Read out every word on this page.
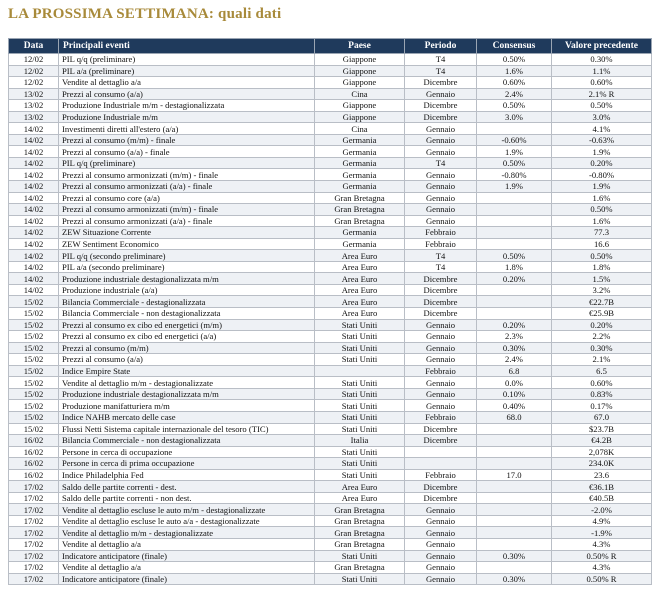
LA PROSSIMA SETTIMANA: quali dati
Data	Principali eventi	Paese	Periodo	Consensus	Valore precedente
12/02	PIL q/q (preliminare)	Giappone	T4	0.50%	0.30%
12/02	PIL a/a (preliminare)	Giappone	T4	1.6%	1.1%
12/02	Vendite al dettaglio a/a	Giappone	Dicembre	0.60%	0.60%
13/02	Prezzi al consumo (a/a)	Cina	Gennaio	2.4%	2.1% R
13/02	Produzione Industriale m/m - destagionalizzata	Giappone	Dicembre	0.50%	0.50%
13/02	Produzione Industriale m/m	Giappone	Dicembre	3.0%	3.0%
14/02	Investimenti diretti all'estero (a/a)	Cina	Gennaio		4.1%
14/02	Prezzi al consumo (m/m) - finale	Germania	Gennaio	-0.60%	-0.63%
14/02	Prezzi al consumo (a/a) - finale	Germania	Gennaio	1.9%	1.9%
14/02	PIL q/q (preliminare)	Germania	T4	0.50%	0.20%
14/02	Prezzi al consumo armonizzati (m/m) - finale	Germania	Gennaio	-0.80%	-0.80%
14/02	Prezzi al consumo armonizzati (a/a) - finale	Germania	Gennaio	1.9%	1.9%
14/02	Prezzi al consumo core (a/a)	Gran Bretagna	Gennaio		1.6%
14/02	Prezzi al consumo armonizzati (m/m) - finale	Gran Bretagna	Gennaio		0.50%
14/02	Prezzi al consumo armonizzati (a/a) - finale	Gran Bretagna	Gennaio		1.6%
14/02	ZEW Situazione Corrente	Germania	Febbraio		77.3
14/02	ZEW Sentiment Economico	Germania	Febbraio		16.6
14/02	PIL q/q (secondo preliminare)	Area Euro	T4	0.50%	0.50%
14/02	PIL a/a (secondo preliminare)	Area Euro	T4	1.8%	1.8%
14/02	Produzione industriale destagionalizzata m/m	Area Euro	Dicembre	0.20%	1.5%
14/02	Produzione industriale (a/a)	Area Euro	Dicembre		3.2%
15/02	Bilancia Commerciale - destagionalizzata	Area Euro	Dicembre		€22.7B
15/02	Bilancia Commerciale - non destagionalizzata	Area Euro	Dicembre		€25.9B
15/02	Prezzi al consumo ex cibo ed energetici (m/m)	Stati Uniti	Gennaio	0.20%	0.20%
15/02	Prezzi al consumo ex cibo ed energetici (a/a)	Stati Uniti	Gennaio	2.3%	2.2%
15/02	Prezzi al consumo (m/m)	Stati Uniti	Gennaio	0.30%	0.30%
15/02	Prezzi al consumo (a/a)	Stati Uniti	Gennaio	2.4%	2.1%
15/02	Indice Empire State		Febbraio	6.8	6.5
15/02	Vendite al dettaglio m/m - destagionalizzate	Stati Uniti	Gennaio	0.0%	0.60%
15/02	Produzione industriale destagionalizzata m/m	Stati Uniti	Gennaio	0.10%	0.83%
15/02	Produzione manifatturiera m/m	Stati Uniti	Gennaio	0.40%	0.17%
15/02	Indice NAHB mercato delle case	Stati Uniti	Febbraio	68.0	67.0
15/02	Flussi Netti Sistema capitale internazionale del tesoro (TIC)	Stati Uniti	Dicembre		$23.7B
16/02	Bilancia Commerciale - non destagionalizzata	Italia	Dicembre		€4.2B
16/02	Persone in cerca di occupazione	Stati Uniti			2,078K
16/02	Persone in cerca di prima occupazione	Stati Uniti			234.0K
16/02	Indice Philadelphia Fed	Stati Uniti	Febbraio	17.0	23.6
17/02	Saldo delle partite correnti - dest.	Area Euro	Dicembre		€36.1B
17/02	Saldo delle partite correnti - non dest.	Area Euro	Dicembre		€40.5B
17/02	Vendite al dettaglio escluse le auto m/m - destagionalizzate	Gran Bretagna	Gennaio		-2.0%
17/02	Vendite al dettaglio escluse le auto a/a - destagionalizzate	Gran Bretagna	Gennaio		4.9%
17/02	Vendite al dettaglio m/m - destagionalizzate	Gran Bretagna	Gennaio		-1.9%
17/02	Vendite al dettaglio a/a	Gran Bretagna	Gennaio		4.3%
17/02	Indicatore anticipatore (finale)	Stati Uniti	Gennaio	0.30%	0.50% R
17/02	Vendite al dettaglio a/a	Gran Bretagna	Gennaio		4.3%
17/02	Indicatore anticipatore (finale)	Stati Uniti	Gennaio	0.30%	0.50% R
